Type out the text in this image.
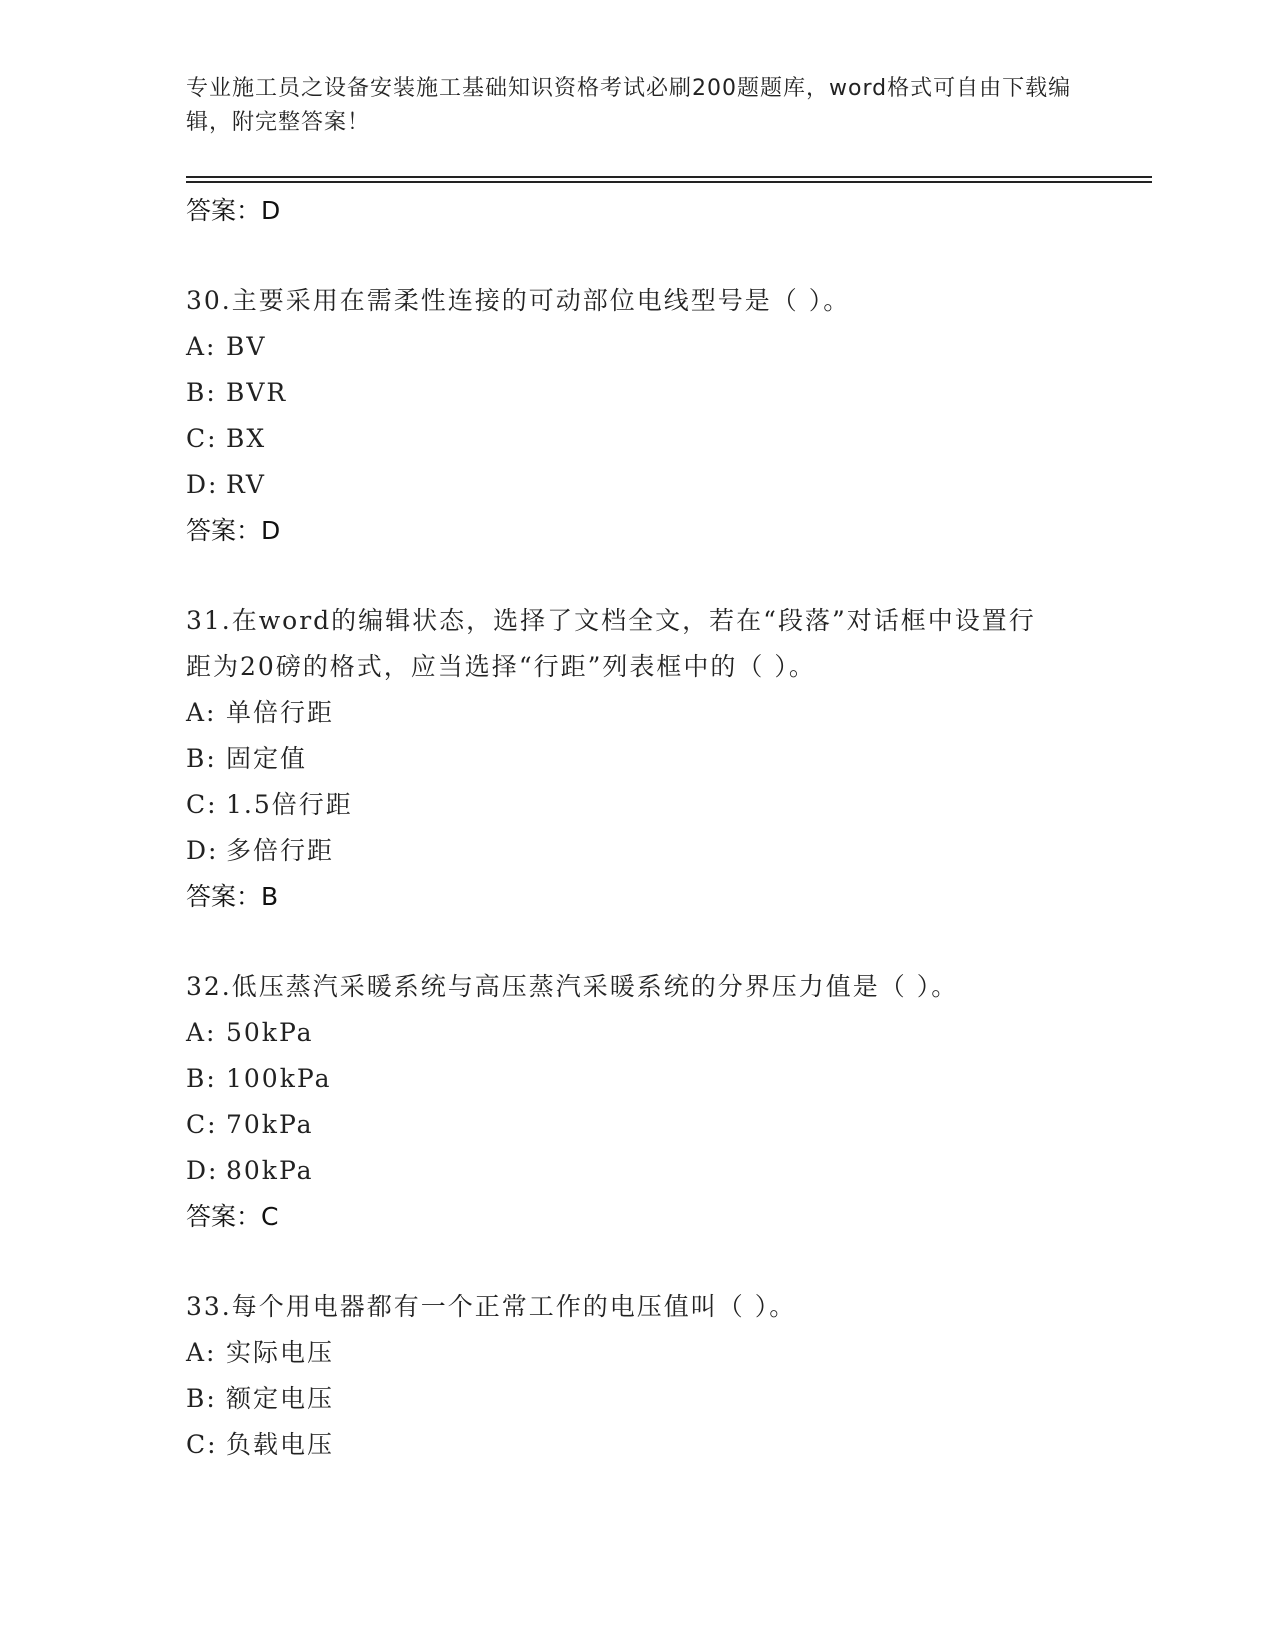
专业施工员之设备安装施工基础知识资格考试必刷200题题库，word格式可自由下载编辑，附完整答案！
答案：D

30.主要采用在需柔性连接的可动部位电线型号是（ ）。

A: BV
B: BVR
C: BX
D: RV
答案：D

31.在word的编辑状态，选择了文档全文，若在“段落”对话框中设置行距为20磅的格式，应当选择“行距”列表框中的（ ）。

A: 单倍行距
B: 固定值
C: 1.5倍行距
D: 多倍行距
答案：B

32.低压蒸汽采暖系统与高压蒸汽采暖系统的分界压力值是（ ）。

A: 50kPa
B: 100kPa
C: 70kPa
D: 80kPa
答案：C

33.每个用电器都有一个正常工作的电压值叫（ ）。

A: 实际电压
B: 额定电压
C: 负载电压
